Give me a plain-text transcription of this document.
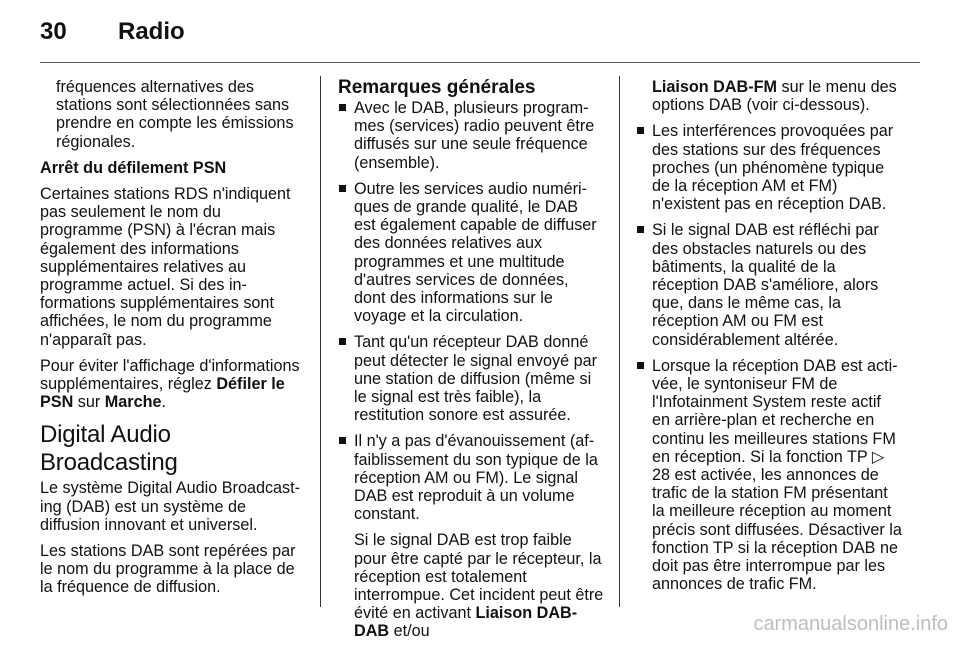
30 Radio

fréquences alternatives des stations sont sélectionnées sans prendre en compte les émissions régionales.

Arrêt du défilement PSN

Certaines stations RDS n'indiquent pas seulement le nom du programme (PSN) à l'écran mais également des informations supplémentaires relatives au programme actuel. Si des informations supplémentaires sont affichées, le nom du programme n'apparaît pas.

Pour éviter l'affichage d'informations supplémentaires, réglez Défiler le PSN sur Marche.

Digital Audio Broadcasting

Le système Digital Audio Broadcasting (DAB) est un système de diffusion innovant et universel.

Les stations DAB sont repérées par le nom du programme à la place de la fréquence de diffusion.

Remarques générales
Avec le DAB, plusieurs programmes (services) radio peuvent être diffusés sur une seule fréquence (ensemble).
Outre les services audio numériques de grande qualité, le DAB est également capable de diffuser des données relatives aux programmes et une multitude d'autres services de données, dont des informations sur le voyage et la circulation.
Tant qu'un récepteur DAB donné peut détecter le signal envoyé par une station de diffusion (même si le signal est très faible), la restitution sonore est assurée.
Il n'y a pas d'évanouissement (affaiblissement du son typique de la réception AM ou FM). Le signal DAB est reproduit à un volume constant.
Si le signal DAB est trop faible pour être capté par le récepteur, la réception est totalement interrompue. Cet incident peut être évité en activant Liaison DAB-DAB et/ou

Liaison DAB-FM sur le menu des options DAB (voir ci-dessous).

Les interférences provoquées par des stations sur des fréquences proches (un phénomène typique de la réception AM et FM) n'existent pas en réception DAB.
Si le signal DAB est réfléchi par des obstacles naturels ou des bâtiments, la qualité de la réception DAB s'améliore, alors que, dans le même cas, la réception AM ou FM est considérablement altérée.
Lorsque la réception DAB est activée, le syntoniseur FM de l'Infotainment System reste actif en arrière-plan et recherche en continu les meilleures stations FM en réception. Si la fonction TP ▷ 28 est activée, les annonces de trafic de la station FM présentant la meilleure réception au moment précis sont diffusées. Désactiver la fonction TP si la réception DAB ne doit pas être interrompue par les annonces de trafic FM.
carmanualsonline.info
